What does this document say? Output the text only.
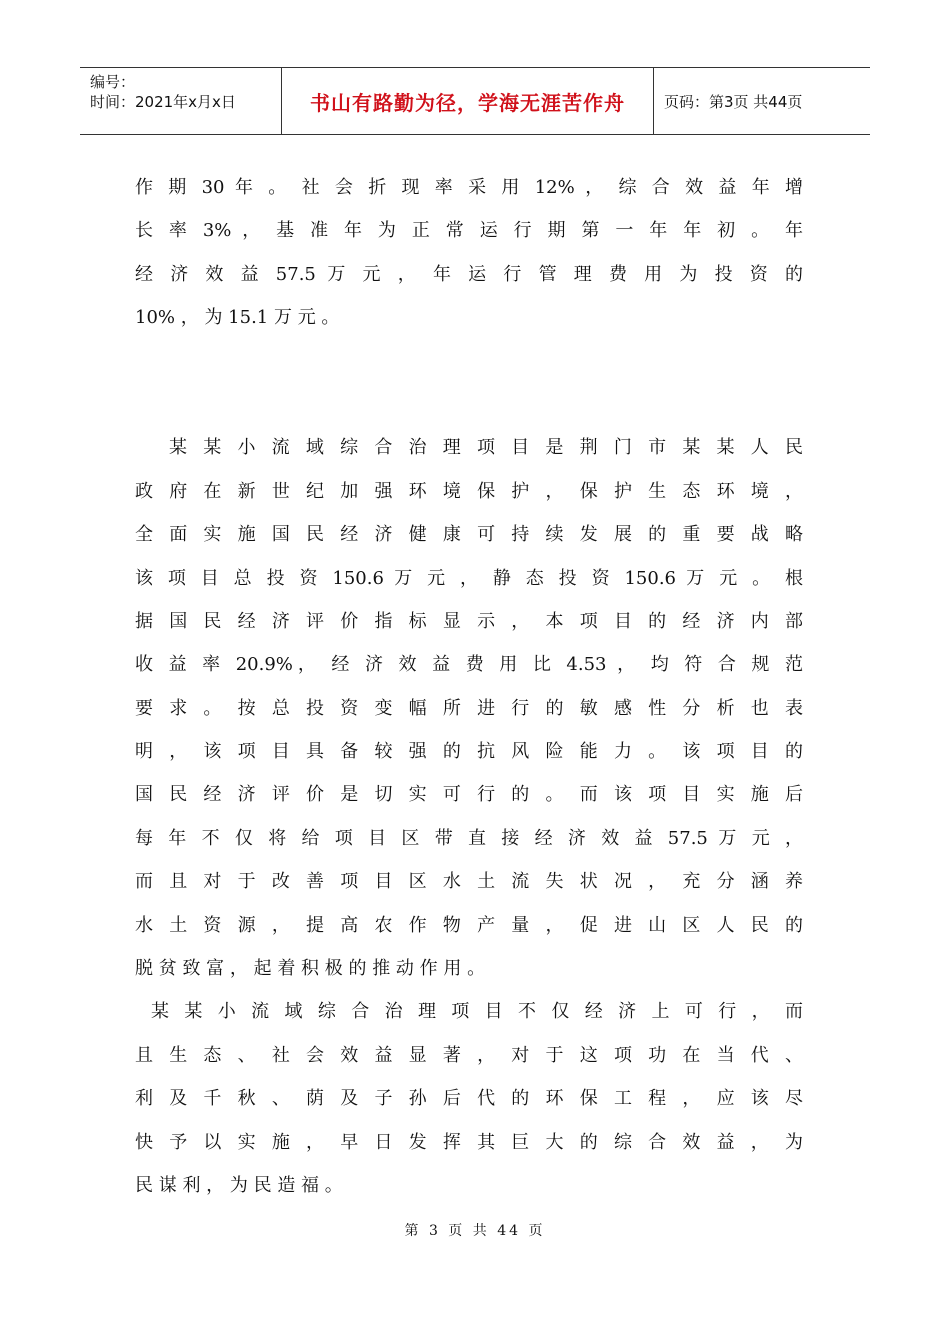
编号：
时间：2021年x月x日	书山有路勤为径，学海无涯苦作舟	页码：第3页 共44页
作 期 30 年 。 社 会 折 现 率 采 用 12% ， 综 合 效 益 年 增
长 率 3% ， 基 准 年 为 正 常 运 行 期 第 一 年 年 初 。 年
经 济 效 益 57.5 万 元 ， 年 运 行 管 理 费 用 为 投 资 的
10% ， 为 15.1 万 元 。
某 某 小 流 域 综 合 治 理 项 目 是 荆 门 市 某 某 人 民
政 府 在 新 世 纪 加 强 环 境 保 护 ， 保 护 生 态 环 境 ，
全 面 实 施 国 民 经 济 健 康 可 持 续 发 展 的 重 要 战 略
该 项 目 总 投 资 150.6 万 元 ， 静 态 投 资 150.6 万 元 。 根
据 国 民 经 济 评 价 指 标 显 示 ， 本 项 目 的 经 济 内 部
收 益 率 20.9%， 经 济 效 益 费 用 比 4.53 ， 均 符 合 规 范
要 求 。 按 总 投 资 变 幅 所 进 行 的 敏 感 性 分 析 也 表
明 ， 该 项 目 具 备 较 强 的 抗 风 险 能 力 。 该 项 目 的
国 民 经 济 评 价 是 切 实 可 行 的 。 而 该 项 目 实 施 后
每 年 不 仅 将 给 项 目 区 带 直 接 经 济 效 益 57.5 万 元 ，
而 且 对 于 改 善 项 目 区 水 土 流 失 状 况 ， 充 分 涵 养
水 土 资 源 ， 提 高 农 作 物 产 量 ， 促 进 山 区 人 民 的
脱 贫 致 富 ， 起 着 积 极 的 推 动 作 用 。
某 某 小 流 域 综 合 治 理 项 目 不 仅 经 济 上 可 行 ， 而
且 生 态 、 社 会 效 益 显 著 ， 对 于 这 项 功 在 当 代 、
利 及 千 秋 、 荫 及 子 孙 后 代 的 环 保 工 程 ， 应 该 尽
快 予 以 实 施 ， 早 日 发 挥 其 巨 大 的 综 合 效 益 ， 为
民 谋 利 ， 为 民 造 福 。
第 3 页 共 44 页
